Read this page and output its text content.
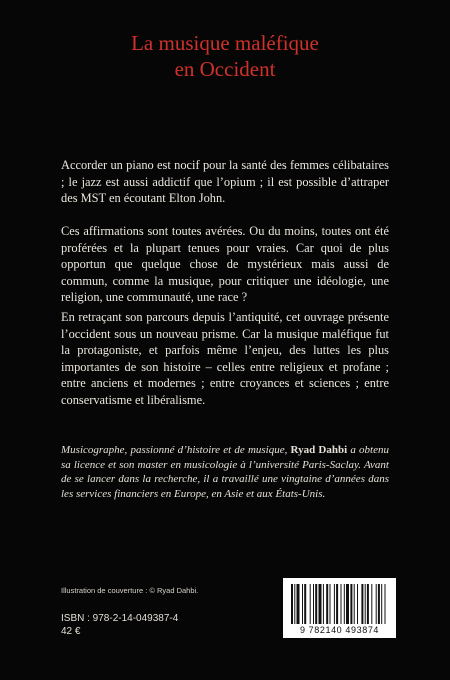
La musique maléfique
en Occident

Accorder un piano est nocif pour la santé des femmes célibataires ; le jazz est aussi addictif que l’opium ; il est possible d’attraper des MST en écoutant Elton John.

Ces affirmations sont toutes avérées. Ou du moins, toutes ont été proférées et la plupart tenues pour vraies. Car quoi de plus opportun que quelque chose de mystérieux mais aussi de commun, comme la musique, pour critiquer une idéologie, une religion, une communauté, une race ?

En retraçant son parcours depuis l’antiquité, cet ouvrage présente l’occident sous un nouveau prisme. Car la musique maléfique fut la protagoniste, et parfois même l’enjeu, des luttes les plus importantes de son histoire – celles entre religieux et profane ; entre anciens et modernes ; entre croyances et sciences ; entre conservatisme et libéralisme.

Musicographe, passionné d’histoire et de musique, Ryad Dahbi a obtenu sa licence et son master en musicologie à l’université Paris-Saclay. Avant de se lancer dans la recherche, il a travaillé une vingtaine d’années dans les services financiers en Europe, en Asie et aux États-Unis.

Illustration de couverture : © Ryad Dahbi.
ISBN : 978-2-14-049387-4
42 €	9 782140 493874
